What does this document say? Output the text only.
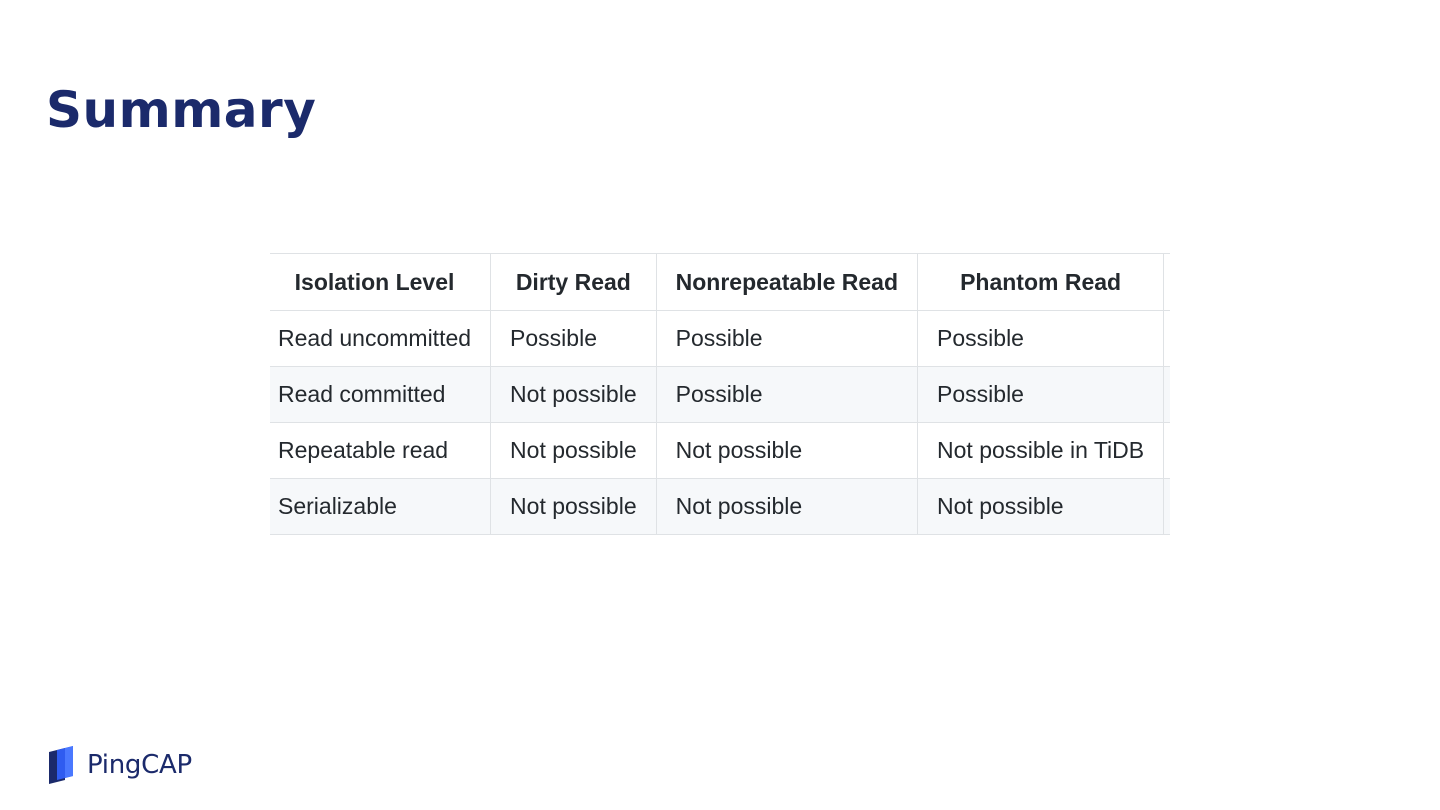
Summary
Isolation Level	Dirty Read	Nonrepeatable Read	Phantom Read	
Read uncommitted	Possible	Possible	Possible	
Read committed	Not possible	Possible	Possible	
Repeatable read	Not possible	Not possible	Not possible in TiDB	
Serializable	Not possible	Not possible	Not possible	
PingCAP
